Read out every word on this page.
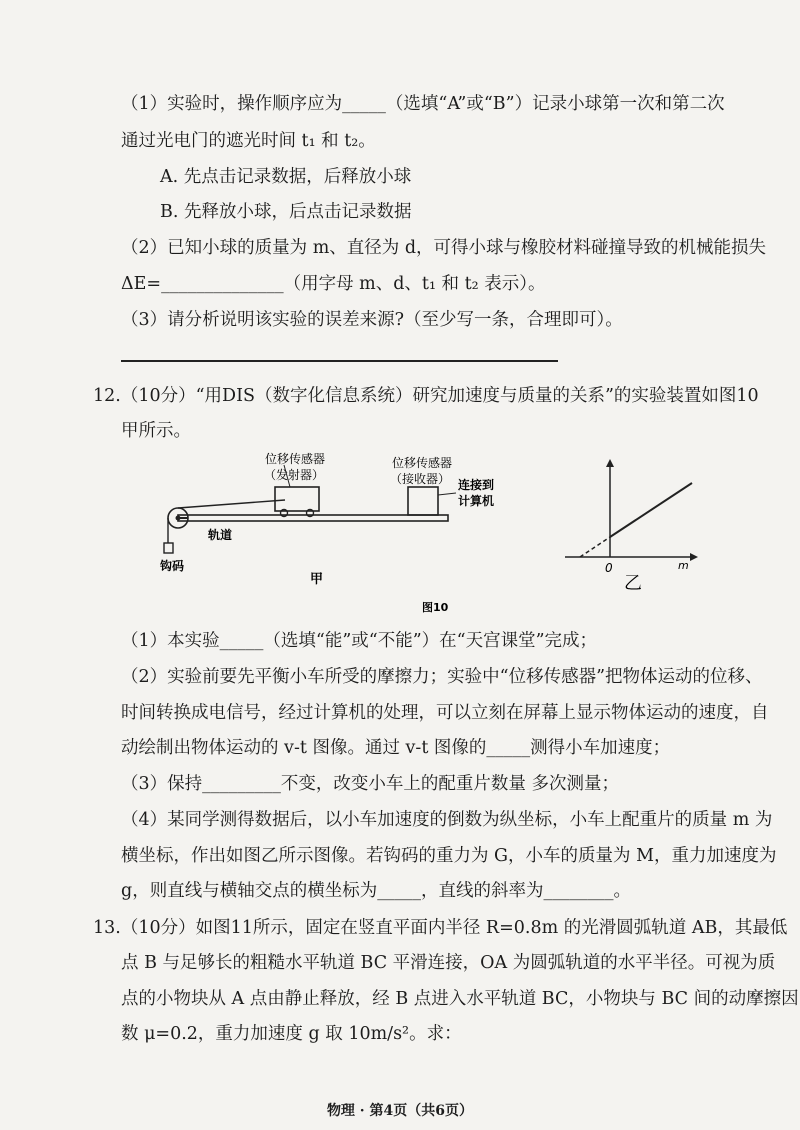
（1）实验时，操作顺序应为_____（选填“A”或“B”）记录小球第一次和第二次
通过光电门的遮光时间 t₁ 和 t₂。
A. 先点击记录数据，后释放小球
B. 先释放小球，后点击记录数据
（2）已知小球的质量为 m、直径为 d，可得小球与橡胶材料碰撞导致的机械能损失
ΔE=______________（用字母 m、d、t₁ 和 t₂ 表示）。
（3）请分析说明该实验的误差来源?（至少写一条，合理即可）。
12.（10分）“用DIS（数字化信息系统）研究加速度与质量的关系”的实验装置如图10
甲所示。
位移传感器
（发射器）
位移传感器
（接收器） 连接到
计算机
轨道
钩码
甲
0	m
乙
图10
（1）本实验_____（选填“能”或“不能”）在“天宫课堂”完成；
（2）实验前要先平衡小车所受的摩擦力；实验中“位移传感器”把物体运动的位移、
时间转换成电信号，经过计算机的处理，可以立刻在屏幕上显示物体运动的速度，自
动绘制出物体运动的 v-t 图像。通过 v-t 图像的_____测得小车加速度；
（3）保持_________不变，改变小车上的配重片数量 多次测量；
（4）某同学测得数据后，以小车加速度的倒数为纵坐标，小车上配重片的质量 m 为
横坐标，作出如图乙所示图像。若钩码的重力为 G，小车的质量为 M，重力加速度为
g，则直线与横轴交点的横坐标为_____，直线的斜率为________。
13.（10分）如图11所示，固定在竖直平面内半径 R=0.8m 的光滑圆弧轨道 AB，其最低
点 B 与足够长的粗糙水平轨道 BC 平滑连接，OA 为圆弧轨道的水平半径。可视为质
点的小物块从 A 点由静止释放，经 B 点进入水平轨道 BC，小物块与 BC 间的动摩擦因
数 μ=0.2，重力加速度 g 取 10m/s²。求：
物理 · 第4页（共6页）
